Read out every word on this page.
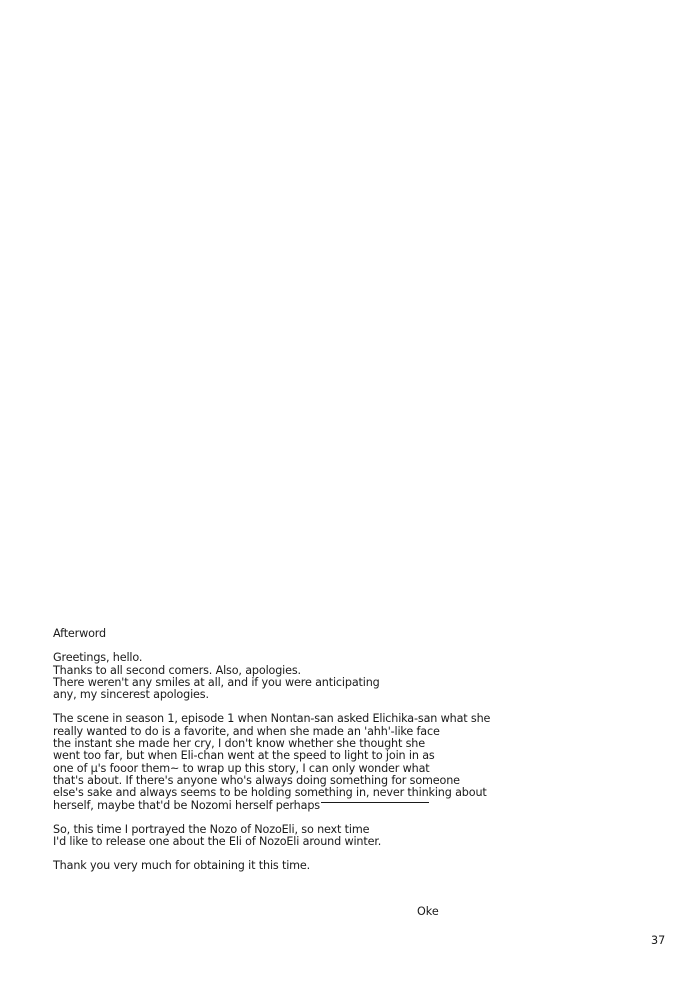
Afterword
Greetings, hello.
Thanks to all second comers. Also, apologies.
There weren't any smiles at all, and if you were anticipating
any, my sincerest apologies.
The scene in season 1, episode 1 when Nontan-san asked Elichika-san what she
really wanted to do is a favorite, and when she made an 'ahh'-like face
the instant she made her cry, I don't know whether she thought she
went too far, but when Eli-chan went at the speed to light to join in as
one of μ's fooor them~ to wrap up this story, I can only wonder what
that's about. If there's anyone who's always doing something for someone
else's sake and always seems to be holding something in, never thinking about
herself, maybe that'd be Nozomi herself perhaps
So, this time I portrayed the Nozo of NozoEli, so next time
I'd like to release one about the Eli of NozoEli around winter.
Thank you very much for obtaining it this time.
Oke
37
